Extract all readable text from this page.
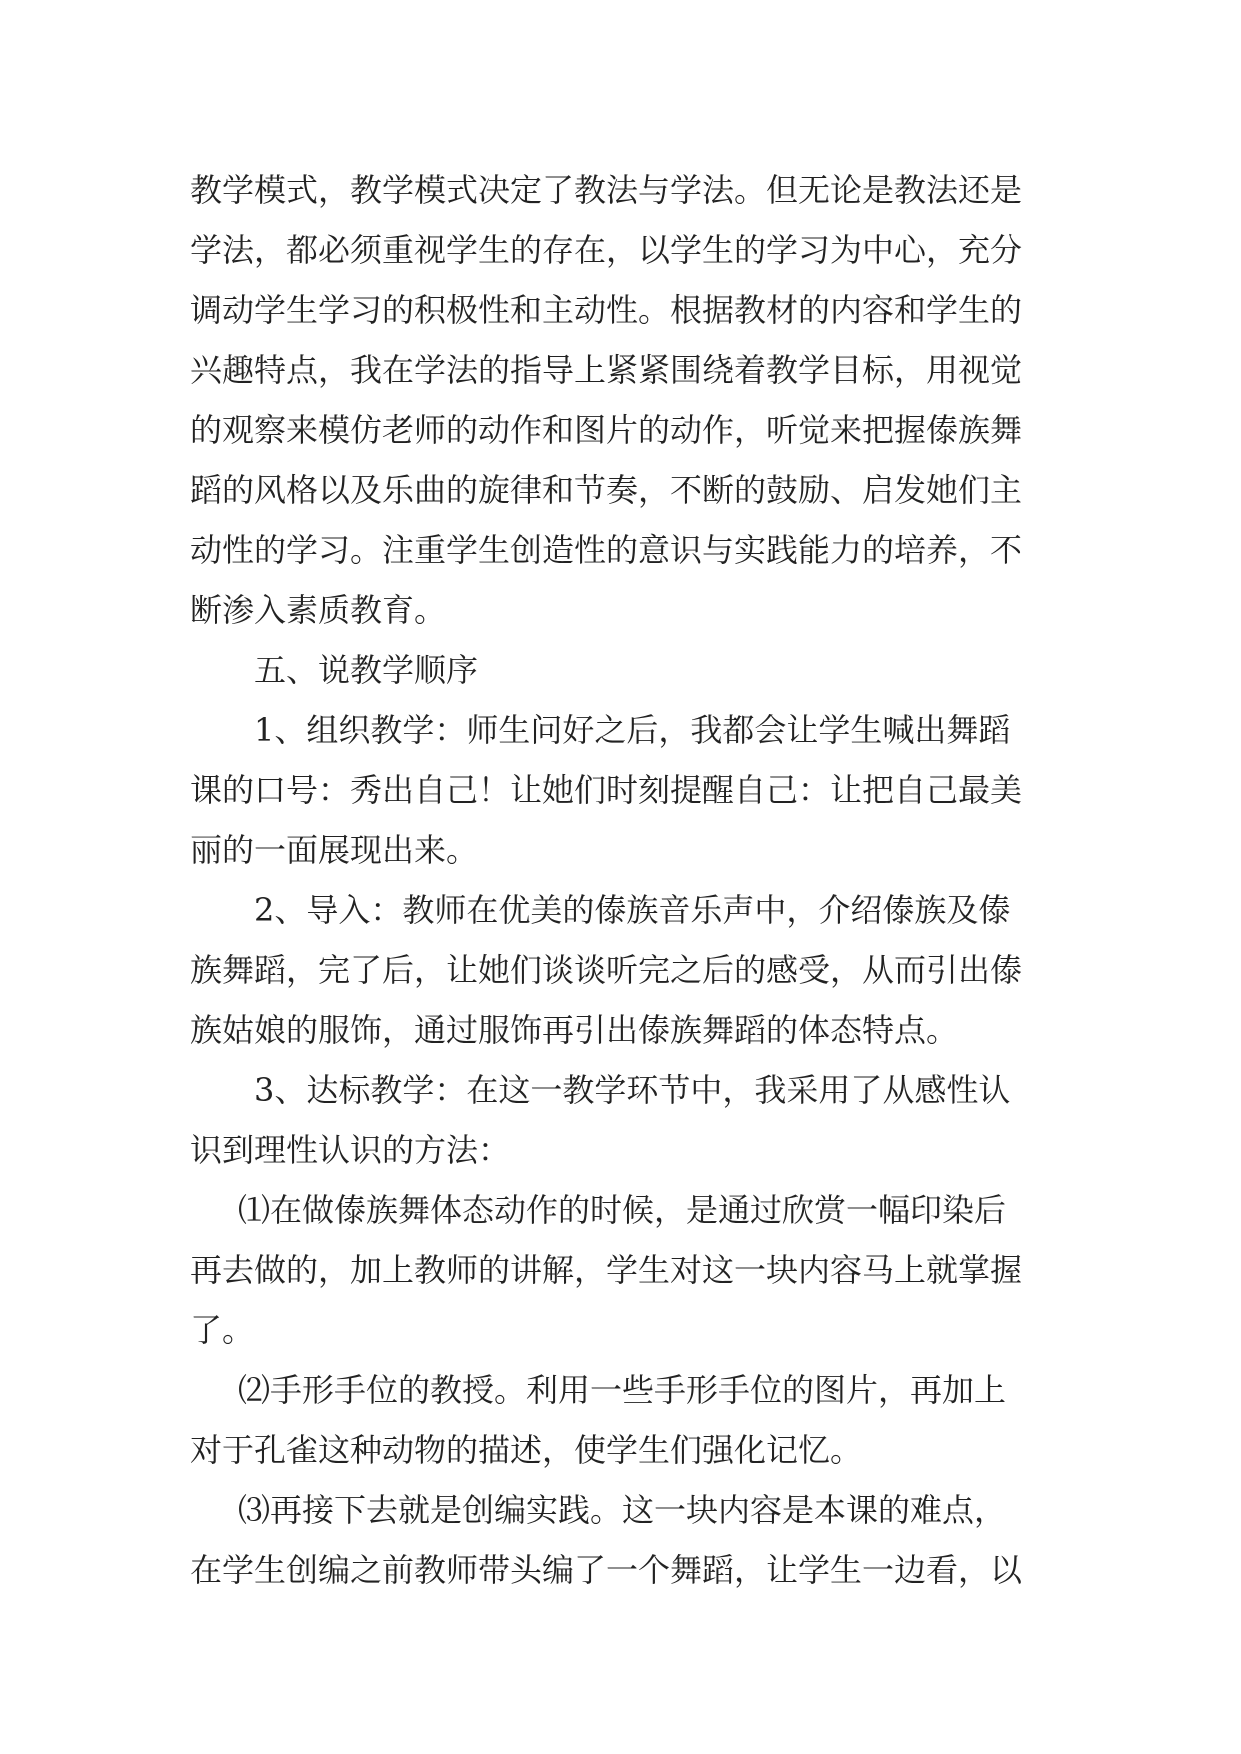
教学模式，教学模式决定了教法与学法。但无论是教法还是
学法，都必须重视学生的存在，以学生的学习为中心，充分
调动学生学习的积极性和主动性。根据教材的内容和学生的
兴趣特点，我在学法的指导上紧紧围绕着教学目标，用视觉
的观察来模仿老师的动作和图片的动作，听觉来把握傣族舞
蹈的风格以及乐曲的旋律和节奏，不断的鼓励、启发她们主
动性的学习。注重学生创造性的意识与实践能力的培养，不
断渗入素质教育。
五、说教学顺序
1、组织教学：师生问好之后，我都会让学生喊出舞蹈
课的口号：秀出自己！让她们时刻提醒自己：让把自己最美
丽的一面展现出来。
2、导入：教师在优美的傣族音乐声中，介绍傣族及傣
族舞蹈，完了后，让她们谈谈听完之后的感受，从而引出傣
族姑娘的服饰，通过服饰再引出傣族舞蹈的体态特点。
3、达标教学：在这一教学环节中，我采用了从感性认
识到理性认识的方法：
⑴在做傣族舞体态动作的时候，是通过欣赏一幅印染后
再去做的，加上教师的讲解，学生对这一块内容马上就掌握
了。
⑵手形手位的教授。利用一些手形手位的图片，再加上
对于孔雀这种动物的描述，使学生们强化记忆。
⑶再接下去就是创编实践。这一块内容是本课的难点，
在学生创编之前教师带头编了一个舞蹈，让学生一边看，以
